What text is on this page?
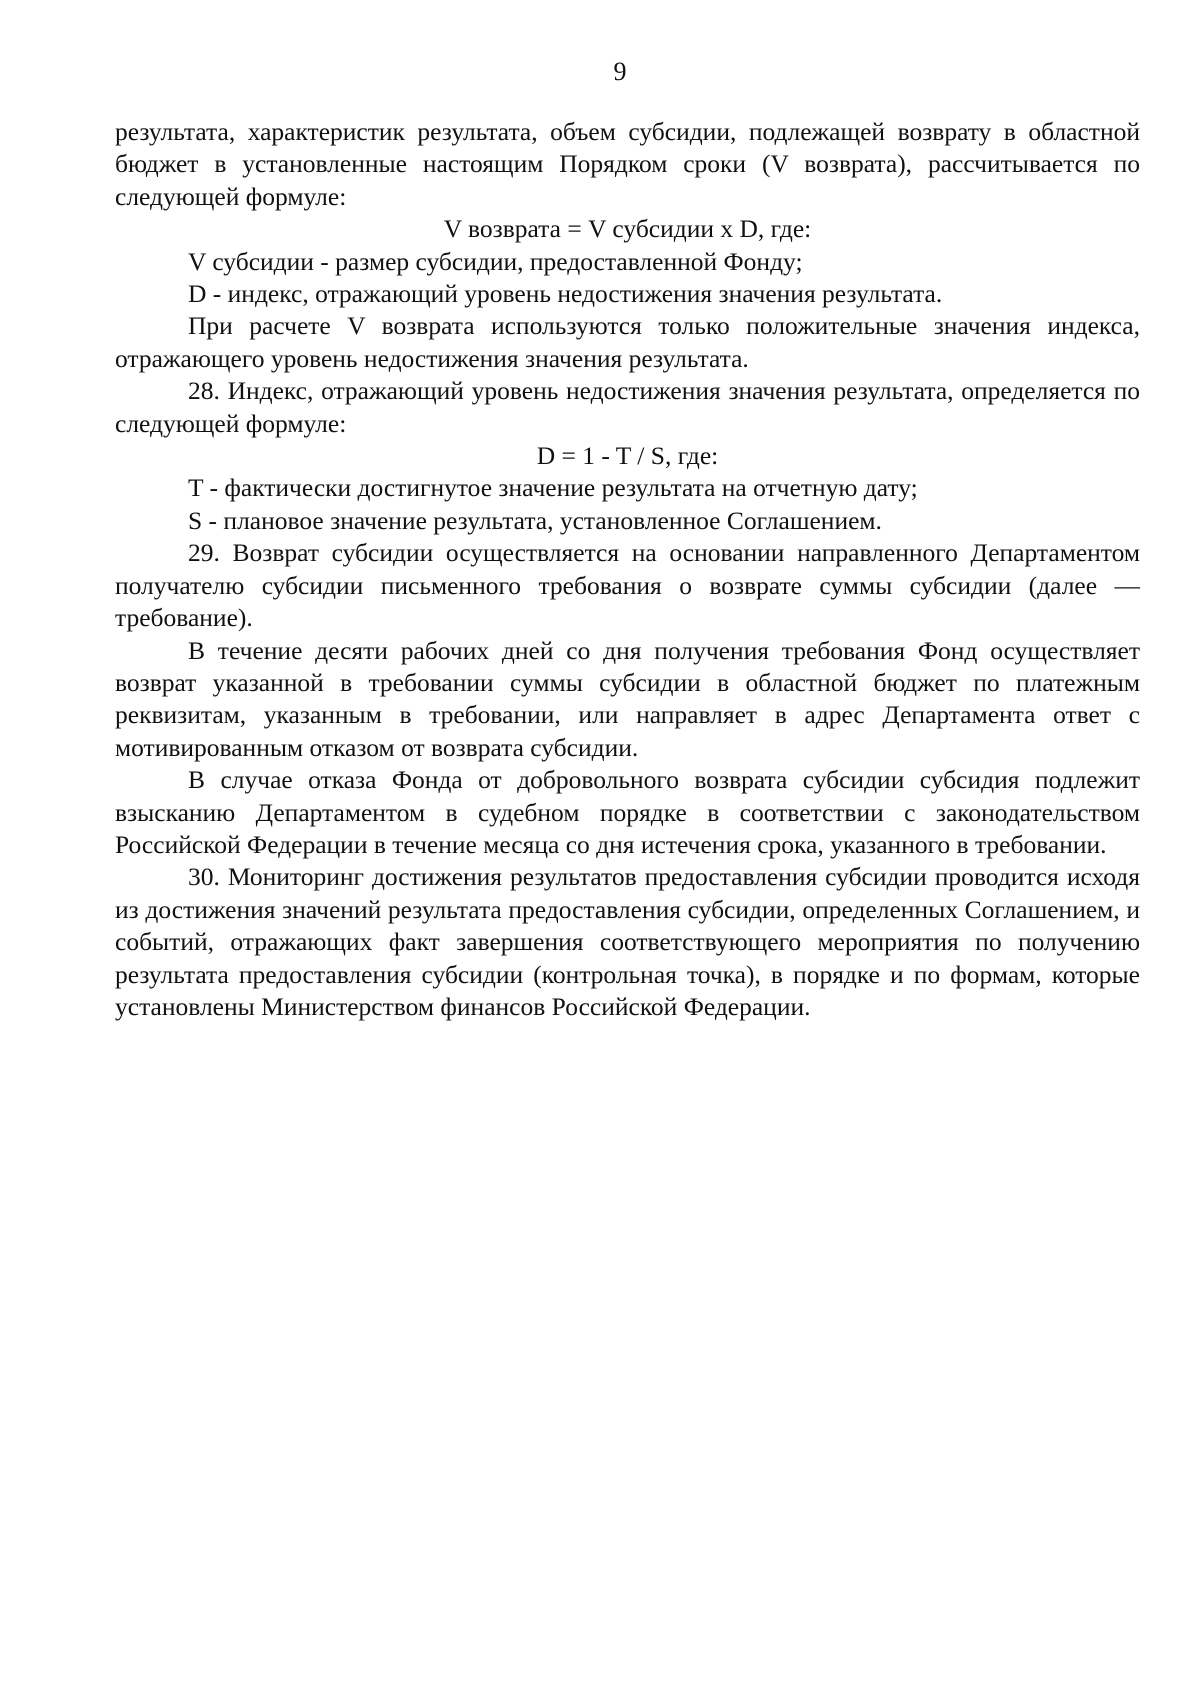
9

результата, характеристик результата, объем субсидии, подлежащей возврату в областной бюджет в установленные настоящим Порядком сроки (V возврата), рассчитывается по следующей формуле:

V возврата = V субсидии x D, где:

V субсидии - размер субсидии, предоставленной Фонду;

D - индекс, отражающий уровень недостижения значения результата.

При расчете V возврата используются только положительные значения индекса, отражающего уровень недостижения значения результата.

28. Индекс, отражающий уровень недостижения значения результата, определяется по следующей формуле:

D = 1 - T / S, где:

T - фактически достигнутое значение результата на отчетную дату;

S - плановое значение результата, установленное Соглашением.

29. Возврат субсидии осуществляется на основании направленного Департаментом получателю субсидии письменного требования о возврате суммы субсидии (далее — требование).

В течение десяти рабочих дней со дня получения требования Фонд осуществляет возврат указанной в требовании суммы субсидии в областной бюджет по платежным реквизитам, указанным в требовании, или направляет в адрес Департамента ответ с мотивированным отказом от возврата субсидии.

В случае отказа Фонда от добровольного возврата субсидии субсидия подлежит взысканию Департаментом в судебном порядке в соответствии с законодательством Российской Федерации в течение месяца со дня истечения срока, указанного в требовании.

30. Мониторинг достижения результатов предоставления субсидии проводится исходя из достижения значений результата предоставления субсидии, определенных Соглашением, и событий, отражающих факт завершения соответствующего мероприятия по получению результата предоставления субсидии (контрольная точка), в порядке и по формам, которые установлены Министерством финансов Российской Федерации.
